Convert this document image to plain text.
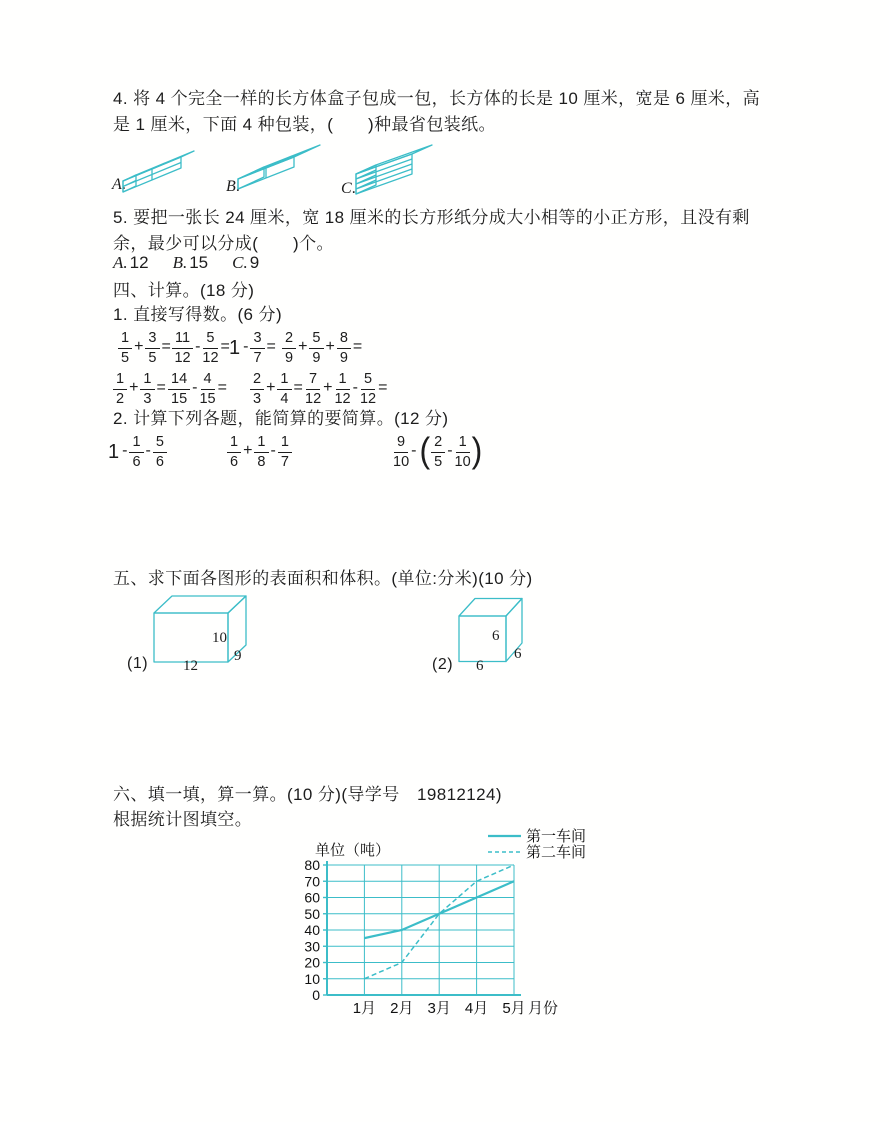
4. 将 4 个完全一样的长方体盒子包成一包，长方体的长是 10 厘米，宽是 6 厘米，高
是 1 厘米，下面 4 种包装，(　　)种最省包装纸。
A.	B.	C.
5. 要把一张长 24 厘米，宽 18 厘米的长方形纸分成大小相等的小正方形，且没有剩
余，最少可以分成(　　)个。
A. 12 B. 15 C. 9
四、计算。(18 分)
1. 直接写得数。(6 分)
$\frac{1}{5} + \frac{3}{5} = \frac{11}{12} - \frac{5}{12} = 1 - \frac{3}{7} = \frac{2}{9} + \frac{5}{9} + \frac{8}{9}$ =
$\frac{1}{2} + \frac{1}{3} = \frac{14}{15} - \frac{4}{15} = \frac{2}{3} + \frac{1}{4} = \frac{7}{12} + \frac{1}{12} - \frac{5}{12}$ =
2. 计算下列各题，能简算的要简算。(12 分)
$1 - \frac{1}{6} - \frac{5}{6}$	$\frac{1}{6} + \frac{1}{8} - \frac{1}{7}$	$\frac{9}{10}$ - ( $\frac{2}{5} - \frac{1}{10}$ )
五、求下面各图形的表面积和体积。(单位:分米)(10 分)
(1)
10
9
12	(2)
6
6
6
六、填一填，算一算。(10 分)(导学号　19812124)
根据统计图填空。
0
10
20
30
40
50
60
70
80
1月 2月 3月 4月 5月
单位（吨）
月份
第一车间
第二车间
